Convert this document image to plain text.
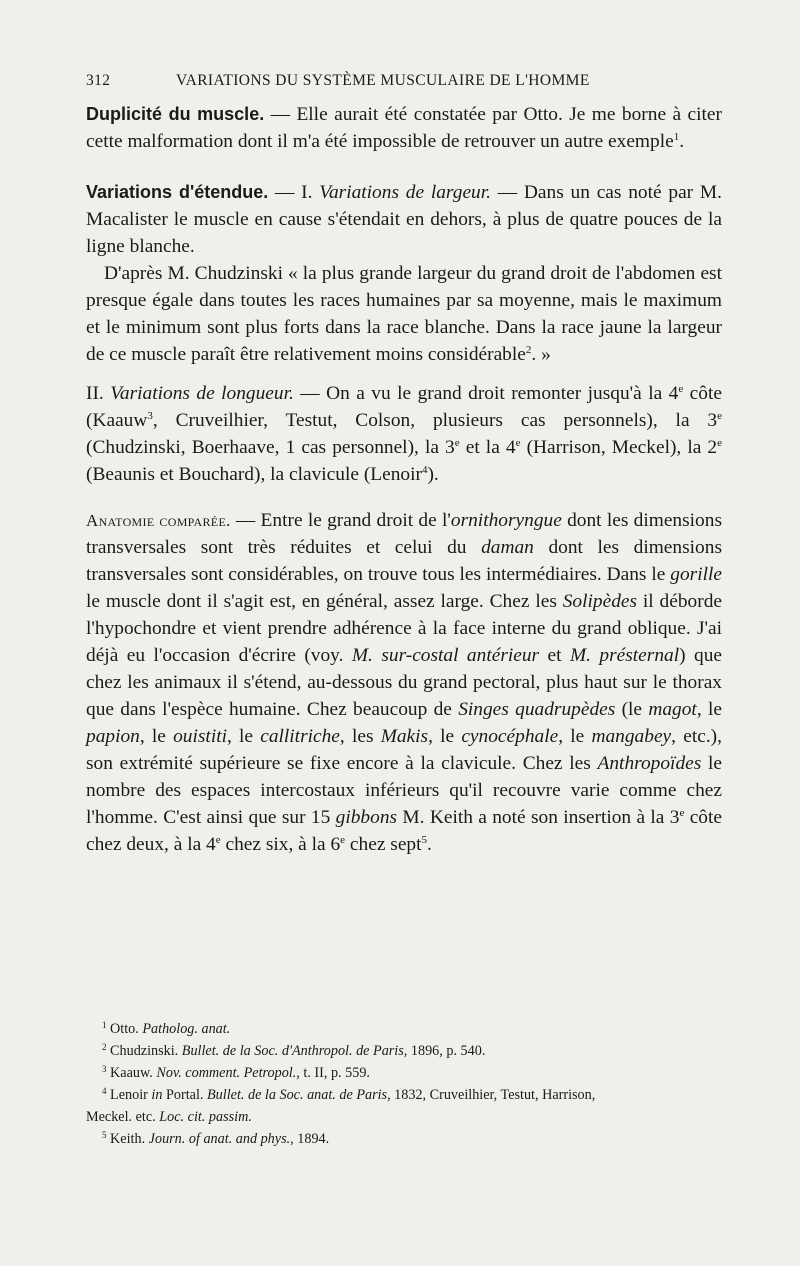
312	VARIATIONS DU SYSTÈME MUSCULAIRE DE L'HOMME

Duplicité du muscle. — Elle aurait été constatée par Otto. Je me borne à citer cette malformation dont il m'a été impossible de retrouver un autre exemple$^1$.

Variations d'étendue. — I. Variations de largeur. — Dans un cas noté par M. Macalister le muscle en cause s'étendait en dehors, à plus de quatre pouces de la ligne blanche.

D'après M. Chudzinski « la plus grande largeur du grand droit de l'abdomen est presque égale dans toutes les races humaines par sa moyenne, mais le maximum et le minimum sont plus forts dans la race blanche. Dans la race jaune la largeur de ce muscle paraît être relativement moins considérable$^2$. »

II. Variations de longueur. — On a vu le grand droit remonter jusqu'à la 4e côte (Kaauw$^3$, Cruveilhier, Testut, Colson, plusieurs cas personnels), la 3e (Chudzinski, Boerhaave, 1 cas personnel), la 3e et la 4e (Harrison, Meckel), la 2e (Beaunis et Bouchard), la clavicule (Lenoir$^4$).

Anatomie comparée. — Entre le grand droit de l'ornithoryngue dont les dimensions transversales sont très réduites et celui du daman dont les dimensions transversales sont considérables, on trouve tous les intermédiaires. Dans le gorille le muscle dont il s'agit est, en général, assez large. Chez les Solipèdes il déborde l'hypochondre et vient prendre adhérence à la face interne du grand oblique. J'ai déjà eu l'occasion d'écrire (voy. M. sur-costal antérieur et M. présternal) que chez les animaux il s'étend, au-dessous du grand pectoral, plus haut sur le thorax que dans l'espèce humaine. Chez beaucoup de Singes quadrupèdes (le magot, le papion, le ouistiti, le callitriche, les Makis, le cynocéphale, le mangabey, etc.), son extrémité supérieure se fixe encore à la clavicule. Chez les Anthropoïdes le nombre des espaces intercostaux inférieurs qu'il recouvre varie comme chez l'homme. C'est ainsi que sur 15 gibbons M. Keith a noté son insertion à la 3e côte chez deux, à la 4e chez six, à la 6e chez sept$^5$.

$^1$ Otto. Patholog. anat.

$^2$ Chudzinski. Bullet. de la Soc. d'Anthropol. de Paris, 1896, p. 540.

$^3$ Kaauw. Nov. comment. Petropol., t. II, p. 559.

$^4$ Lenoir in Portal. Bullet. de la Soc. anat. de Paris, 1832, Cruveilhier, Testut, Harrison,

Meckel. etc. Loc. cit. passim.

$^5$ Keith. Journ. of anat. and phys., 1894.
